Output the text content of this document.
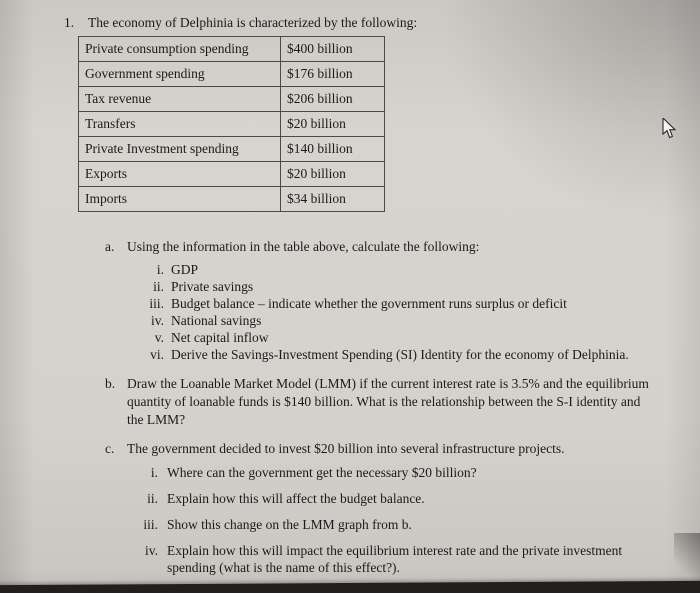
1.	The economy of Delphinia is characterized by the following:
Private consumption spending	$400 billion
Government spending	$176 billion
Tax revenue	$206 billion
Transfers	$20 billion
Private Investment spending	$140 billion
Exports	$20 billion
Imports	$34 billion
a. Using the information in the table above, calculate the following:
i. GDP
ii. Private savings
iii. Budget balance – indicate whether the government runs surplus or deficit
iv. National savings
v. Net capital inflow
vi. Derive the Savings-Investment Spending (SI) Identity for the economy of Delphinia.
b. Draw the Loanable Market Model (LMM) if the current interest rate is 3.5% and the equilibrium quantity of loanable funds is $140 billion. What is the relationship between the S-I identity and the LMM?
c. The government decided to invest $20 billion into several infrastructure projects.
i. Where can the government get the necessary $20 billion?
ii. Explain how this will affect the budget balance.
iii. Show this change on the LMM graph from b.
iv. Explain how this will impact the equilibrium interest rate and the private investment spending (what is the name of this effect?).
